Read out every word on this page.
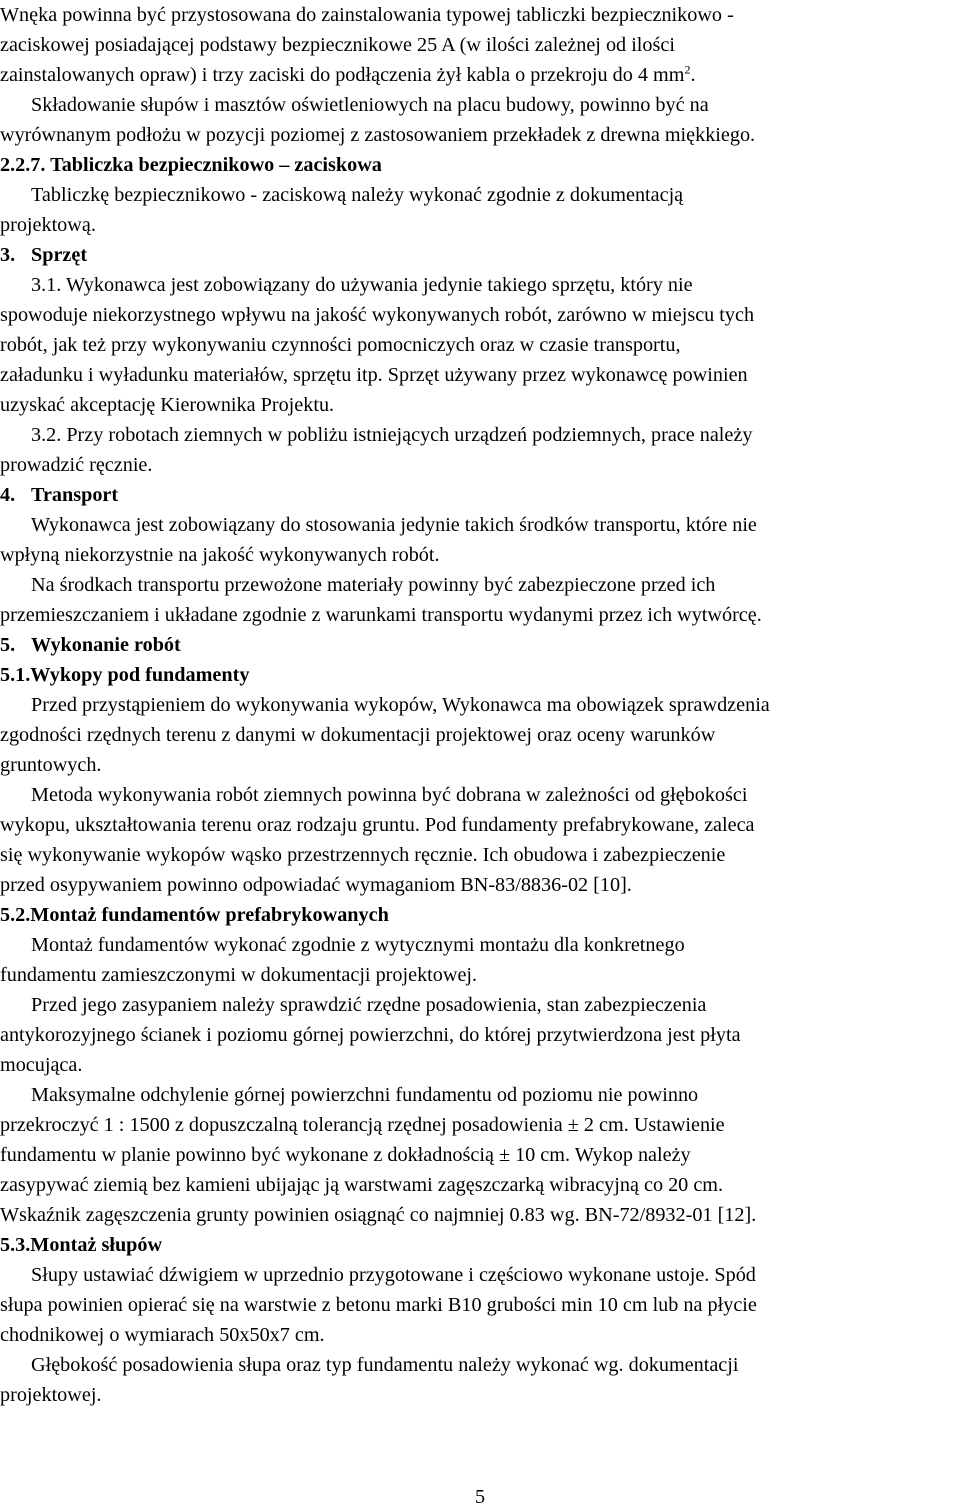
Wnęka powinna być przystosowana do zainstalowania typowej tabliczki bezpiecznikowo -
zaciskowej posiadającej podstawy bezpiecznikowe 25 A (w ilości zależnej od ilości
zainstalowanych opraw) i trzy zaciski do podłączenia żył kabla o przekroju do 4 $mm^2$.
Składowanie słupów i masztów oświetleniowych na placu budowy, powinno być na
wyrównanym podłożu w pozycji poziomej z zastosowaniem przekładek z drewna miękkiego.
2.2.7. Tabliczka bezpiecznikowo – zaciskowa
Tabliczkę bezpiecznikowo - zaciskową należy wykonać zgodnie z dokumentacją
projektową.
3. Sprzęt
3.1. Wykonawca jest zobowiązany do używania jedynie takiego sprzętu, który nie
spowoduje niekorzystnego wpływu na jakość wykonywanych robót, zarówno w miejscu tych
robót, jak też przy wykonywaniu czynności pomocniczych oraz w czasie transportu,
załadunku i wyładunku materiałów, sprzętu itp. Sprzęt używany przez wykonawcę powinien
uzyskać akceptację Kierownika Projektu.
3.2. Przy robotach ziemnych w pobliżu istniejących urządzeń podziemnych, prace należy
prowadzić ręcznie.
4. Transport
Wykonawca jest zobowiązany do stosowania jedynie takich środków transportu, które nie
wpłyną niekorzystnie na jakość wykonywanych robót.
Na środkach transportu przewożone materiały powinny być zabezpieczone przed ich
przemieszczaniem i układane zgodnie z warunkami transportu wydanymi przez ich wytwórcę.
5. Wykonanie robót
5.1.Wykopy pod fundamenty
Przed przystąpieniem do wykonywania wykopów, Wykonawca ma obowiązek sprawdzenia
zgodności rzędnych terenu z danymi w dokumentacji projektowej oraz oceny warunków
gruntowych.
Metoda wykonywania robót ziemnych powinna być dobrana w zależności od głębokości
wykopu, ukształtowania terenu oraz rodzaju gruntu. Pod fundamenty prefabrykowane, zaleca
się wykonywanie wykopów wąsko przestrzennych ręcznie. Ich obudowa i zabezpieczenie
przed osypywaniem powinno odpowiadać wymaganiom BN-83/8836-02 [10].
5.2.Montaż fundamentów prefabrykowanych
Montaż fundamentów wykonać zgodnie z wytycznymi montażu dla konkretnego
fundamentu zamieszczonymi w dokumentacji projektowej.
Przed jego zasypaniem należy sprawdzić rzędne posadowienia, stan zabezpieczenia
antykorozyjnego ścianek i poziomu górnej powierzchni, do której przytwierdzona jest płyta
mocująca.
Maksymalne odchylenie górnej powierzchni fundamentu od poziomu nie powinno
przekroczyć 1 : 1500 z dopuszczalną tolerancją rzędnej posadowienia ± 2 cm. Ustawienie
fundamentu w planie powinno być wykonane z dokładnością ± 10 cm. Wykop należy
zasypywać ziemią bez kamieni ubijając ją warstwami zagęszczarką wibracyjną co 20 cm.
Wskaźnik zagęszczenia grunty powinien osiągnąć co najmniej 0.83 wg. BN-72/8932-01 [12].
5.3.Montaż słupów
Słupy ustawiać dźwigiem w uprzednio przygotowane i częściowo wykonane ustoje. Spód
słupa powinien opierać się na warstwie z betonu marki B10 grubości min 10 cm lub na płycie
chodnikowej o wymiarach 50x50x7 cm.
Głębokość posadowienia słupa oraz typ fundamentu należy wykonać wg. dokumentacji
projektowej.
5
